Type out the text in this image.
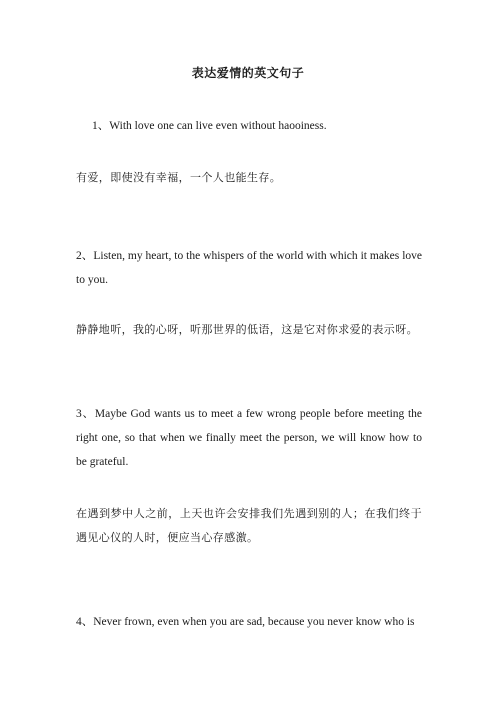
表达爱情的英文句子
1、With love one can live even without haooiness.
有爱，即使没有幸福，一个人也能生存。
2、Listen, my heart, to the whispers of the world with which it makes love to you.
静静地听，我的心呀，听那世界的低语，这是它对你求爱的表示呀。
3、Maybe God wants us to meet a few wrong people before meeting the right one, so that when we finally meet the person, we will know how to be grateful.
在遇到梦中人之前，上天也许会安排我们先遇到别的人；在我们终于遇见心仪的人时，便应当心存感激。
4、Never frown, even when you are sad, because you never know who is
